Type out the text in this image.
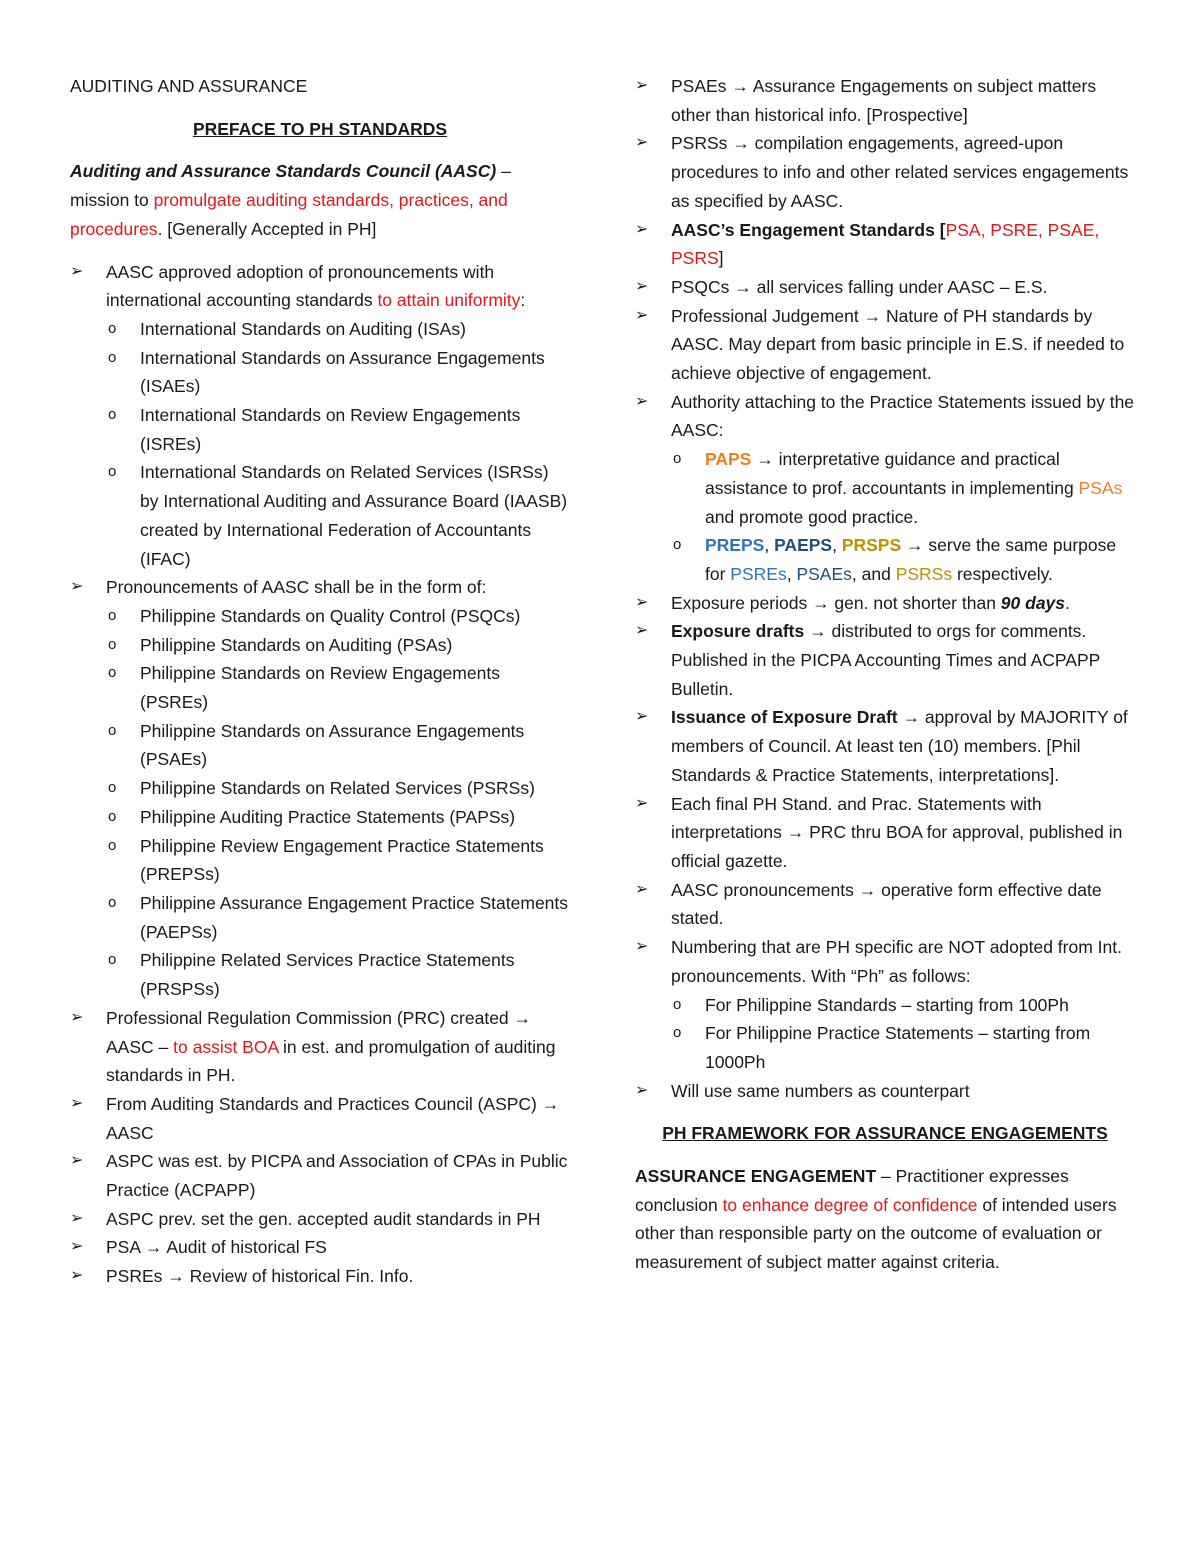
AUDITING AND ASSURANCE

PREFACE TO PH STANDARDS

Auditing and Assurance Standards Council (AASC) – mission to promulgate auditing standards, practices, and procedures. [Generally Accepted in PH]

➢	AASC approved adoption of pronouncements with international accounting standards to attain uniformity:
o International Standards on Auditing (ISAs)
o International Standards on Assurance Engagements (ISAEs)
o International Standards on Review Engagements (ISREs)
o International Standards on Related Services (ISRSs) by International Auditing and Assurance Board (IAASB) created by International Federation of Accountants (IFAC)
➢	Pronouncements of AASC shall be in the form of:
o Philippine Standards on Quality Control (PSQCs)
o Philippine Standards on Auditing (PSAs)
o Philippine Standards on Review Engagements (PSREs)
o Philippine Standards on Assurance Engagements (PSAEs)
o Philippine Standards on Related Services (PSRSs)
o Philippine Auditing Practice Statements (PAPSs)
o Philippine Review Engagement Practice Statements (PREPSs)
o Philippine Assurance Engagement Practice Statements (PAEPSs)
o Philippine Related Services Practice Statements (PRSPSs)
➢	Professional Regulation Commission (PRC) created → AASC – to assist BOA in est. and promulgation of auditing standards in PH.
➢	From Auditing Standards and Practices Council (ASPC) → AASC
➢	ASPC was est. by PICPA and Association of CPAs in Public Practice (ACPAPP)
➢	ASPC prev. set the gen. accepted audit standards in PH
➢	PSA → Audit of historical FS
➢	PSREs → Review of historical Fin. Info.
➢	PSAEs → Assurance Engagements on subject matters other than historical info. [Prospective]
➢	PSRSs → compilation engagements, agreed-upon procedures to info and other related services engagements as specified by AASC.
➢	AASC’s Engagement Standards [PSA, PSRE, PSAE, PSRS]
➢	PSQCs → all services falling under AASC – E.S.
➢	Professional Judgement → Nature of PH standards by AASC. May depart from basic principle in E.S. if needed to achieve objective of engagement.
➢	Authority attaching to the Practice Statements issued by the AASC:
o PAPS → interpretative guidance and practical assistance to prof. accountants in implementing PSAs and promote good practice.
o PREPS, PAEPS, PRSPS → serve the same purpose for PSREs, PSAEs, and PSRSs respectively.
➢	Exposure periods → gen. not shorter than 90 days.
➢	Exposure drafts → distributed to orgs for comments. Published in the PICPA Accounting Times and ACPAPP Bulletin.
➢	Issuance of Exposure Draft → approval by MAJORITY of members of Council. At least ten (10) members. [Phil Standards & Practice Statements, interpretations].
➢	Each final PH Stand. and Prac. Statements with interpretations → PRC thru BOA for approval, published in official gazette.
➢	AASC pronouncements → operative form effective date stated.
➢	Numbering that are PH specific are NOT adopted from Int. pronouncements. With “Ph” as follows:
o For Philippine Standards – starting from 100Ph
o For Philippine Practice Statements – starting from 1000Ph
➢	Will use same numbers as counterpart

PH FRAMEWORK FOR ASSURANCE ENGAGEMENTS

ASSURANCE ENGAGEMENT – Practitioner expresses conclusion to enhance degree of confidence of intended users other than responsible party on the outcome of evaluation or measurement of subject matter against criteria.
